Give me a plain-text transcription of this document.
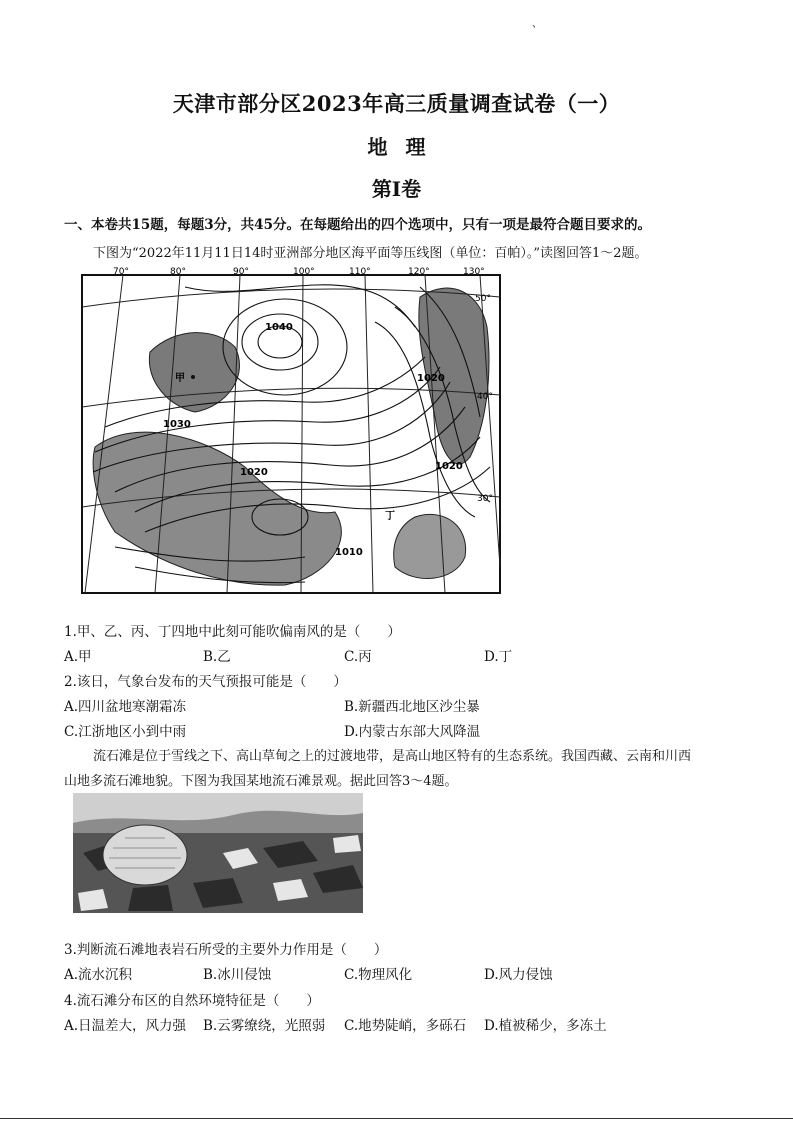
、
天津市部分区2023年高三质量调查试卷（一）
地理
第Ⅰ卷
一、本卷共15题，每题3分，共45分。在每题给出的四个选项中，只有一项是最符合题目要求的。
下图为“2022年11月11日14时亚洲部分地区海平面等压线图（单位：百帕）。”读图回答1～2题。
70°	80°	90°	100°	110°	120°	130°
50°
40°
30°
1040
1030
1020
1020
1020
1010
甲
丁
1.甲、乙、丙、丁四地中此刻可能吹偏南风的是（　　）
A.甲	B.乙	C.丙	D.丁
2.该日，气象台发布的天气预报可能是（　　）
A.四川盆地寒潮霜冻	B.新疆西北地区沙尘暴
C.江浙地区小到中雨	D.内蒙古东部大风降温
流石滩是位于雪线之下、高山草甸之上的过渡地带，是高山地区特有的生态系统。我国西藏、云南和川西
山地多流石滩地貌。下图为我国某地流石滩景观。据此回答3～4题。
3.判断流石滩地表岩石所受的主要外力作用是（　　）
A.流水沉积	B.冰川侵蚀	C.物理风化	D.风力侵蚀
4.流石滩分布区的自然环境特征是（　　）
A.日温差大，风力强 B.云雾缭绕，光照弱 C.地势陡峭，多砾石 D.植被稀少，多冻土
